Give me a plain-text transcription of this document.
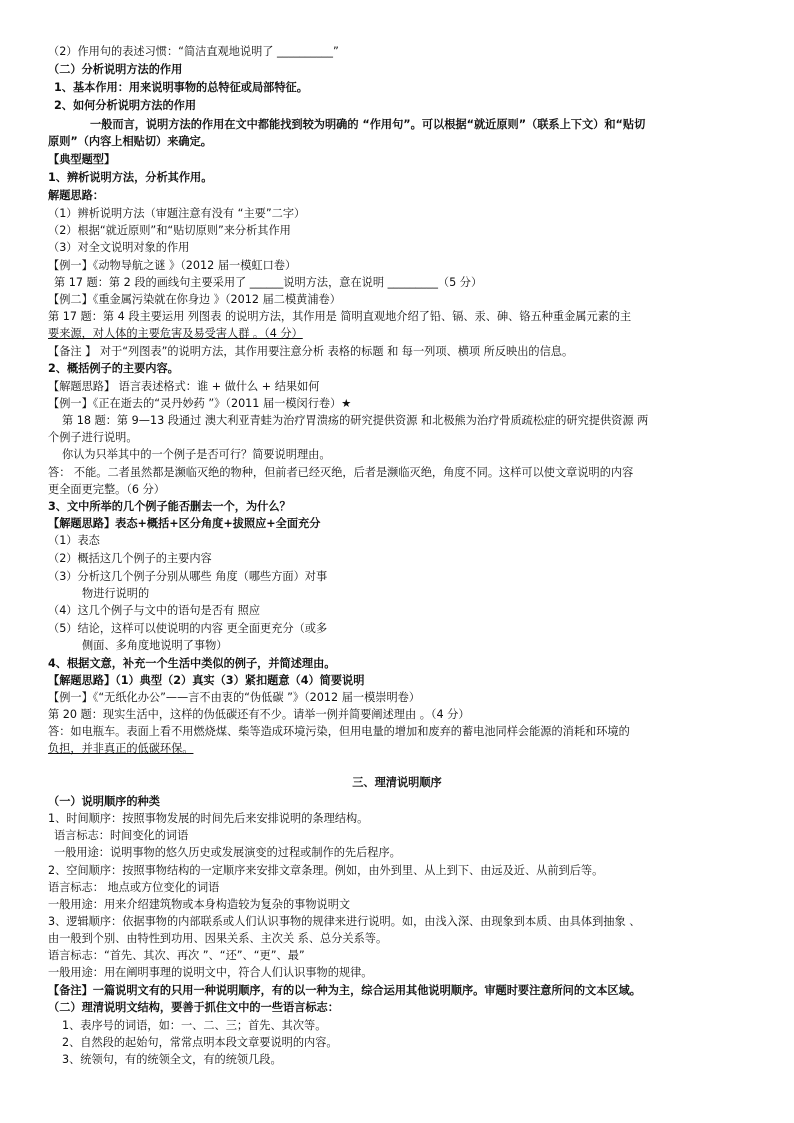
（2）作用句的表述习惯：“简洁直观地说明了 __________”
（二）分析说明方法的作用
1、基本作用：用来说明事物的总特征或局部特征。
2、如何分析说明方法的作用
一般而言，说明方法的作用在文中都能找到较为明确的 “作用句”。可以根据“就近原则”（联系上下文）和“贴切
原则”（内容上相贴切）来确定。
【典型题型】
1、辨析说明方法，分析其作用。
解题思路：
（1）辨析说明方法（审题注意有没有 “主要”二字）
（2）根据“就近原则”和“贴切原则”来分析其作用
（3）对全文说明对象的作用
【例一】《动物导航之谜 》（2012 届一模虹口卷）
第 17 题：第 2 段的画线句主要采用了 ______说明方法，意在说明 _________（5 分）
【例二】《重金属污染就在你身边 》（2012 届二模黄浦卷）
第 17 题：第 4 段主要运用 列图表 的说明方法，其作用是 简明直观地介绍了铅、镉、汞、砷、铬五种重金属元素的主
要来源，对人体的主要危害及易受害人群 。（4 分）
【备注 】 对于“列图表”的说明方法，其作用要注意分析 表格的标题 和 每一列项、横项 所反映出的信息。
2、概括例子的主要内容。
【解题思路】 语言表述格式：谁 + 做什么 + 结果如何
【例一】《正在逝去的“灵丹妙药 ”》（2011 届一模闵行卷）★
第 18 题：第 9—13 段通过 澳大利亚青蛙为治疗胃溃疡的研究提供资源 和北极熊为治疗骨质疏松症的研究提供资源 两
个例子进行说明。
你认为只举其中的一个例子是否可行？简要说明理由。
答： 不能。二者虽然都是濒临灭绝的物种，但前者已经灭绝，后者是濒临灭绝，角度不同。这样可以使文章说明的内容
更全面更完整。（6 分）
3、文中所举的几个例子能否删去一个，为什么？
【解题思路】表态+概括+区分角度+拔照应+全面充分
（1）表态
（2）概括这几个例子的主要内容
（3）分析这几个例子分别从哪些 角度（哪些方面）对事
物进行说明的
（4）这几个例子与文中的语句是否有 照应
（5）结论，这样可以使说明的内容 更全面更充分（或多
侧面、多角度地说明了事物）
4、根据文意，补充一个生活中类似的例子，并简述理由。
【解题思路】（1）典型（2）真实（3）紧扣题意（4）简要说明
【例一】《“无纸化办公”——言不由衷的“伪低碳 ”》（2012 届一模崇明卷）
第 20 题：现实生活中，这样的伪低碳还有不少。请举一例并简要阐述理由 。（4 分）
答：如电瓶车。表面上看不用燃烧煤、柴等造成环境污染，但用电量的增加和废弃的蓄电池同样会能源的消耗和环境的
负担，并非真正的低碳环保。
三、理清说明顺序
（一）说明顺序的种类
1、时间顺序：按照事物发展的时间先后来安排说明的条理结构。
语言标志：时间变化的词语
一般用途：说明事物的悠久历史或发展演变的过程或制作的先后程序。
2、空间顺序：按照事物结构的一定顺序来安排文章条理。例如，由外到里、从上到下、由远及近、从前到后等。
语言标志： 地点或方位变化的词语
一般用途：用来介绍建筑物或本身构造较为复杂的事物说明文
3、逻辑顺序：依据事物的内部联系或人们认识事物的规律来进行说明。如，由浅入深、由现象到本质、由具体到抽象 、
由一般到个别、由特性到功用、因果关系、主次关 系、总分关系等。
语言标志：“首先、其次、再次 ”、“还”、“更”、最”
一般用途：用在阐明事理的说明文中，符合人们认识事物的规律。
【备注】一篇说明文有的只用一种说明顺序，有的以一种为主，综合运用其他说明顺序。审题时要注意所问的文本区域。
（二）理清说明文结构，要善于抓住文中的一些语言标志：
1、表序号的词语，如：一、二、三；首先、其次等。
2、自然段的起始句，常常点明本段文章要说明的内容。
3、统领句，有的统领全文，有的统领几段。
